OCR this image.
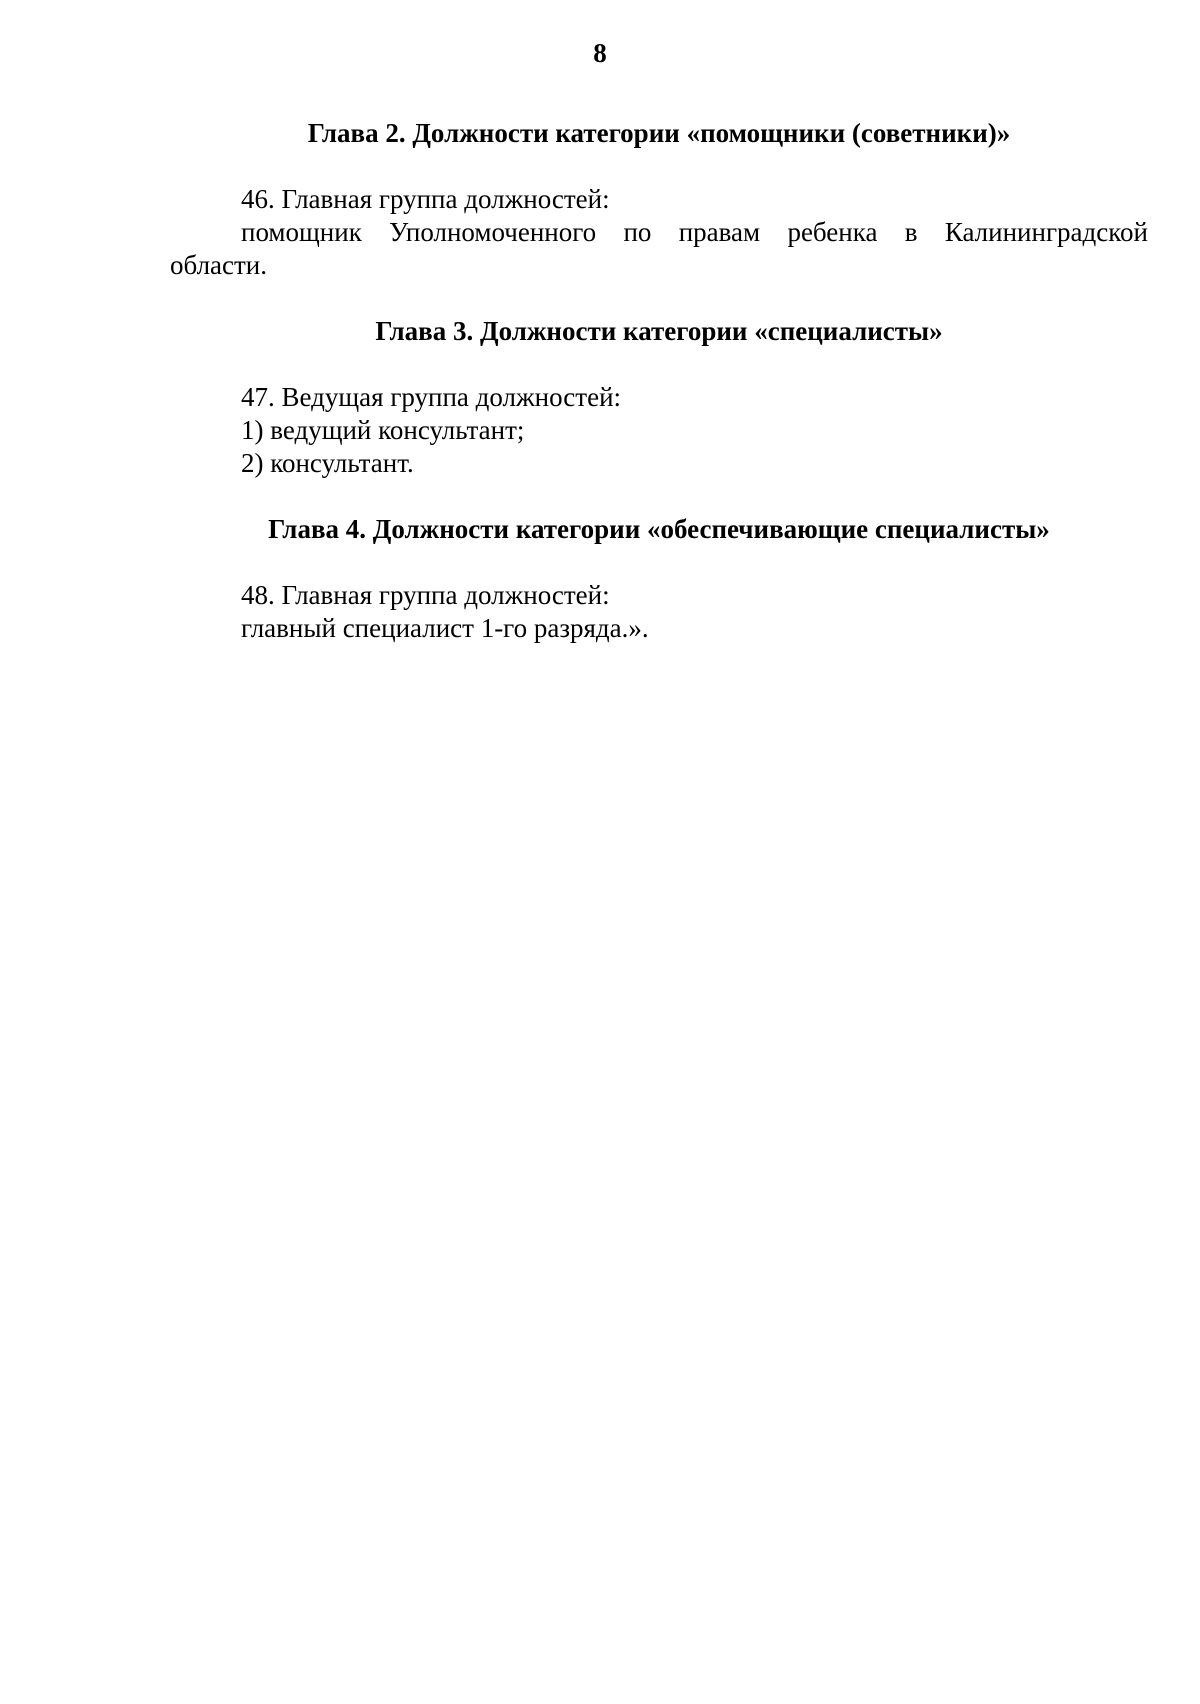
8
Глава 2. Должности категории «помощники (советники)»
46. Главная группа должностей:
помощник Уполномоченного по правам ребенка в Калининградской
области.
Глава 3. Должности категории «специалисты»
47. Ведущая группа должностей:
1) ведущий консультант;
2) консультант.
Глава 4. Должности категории «обеспечивающие специалисты»
48. Главная группа должностей:
главный специалист 1-го разряда.».
